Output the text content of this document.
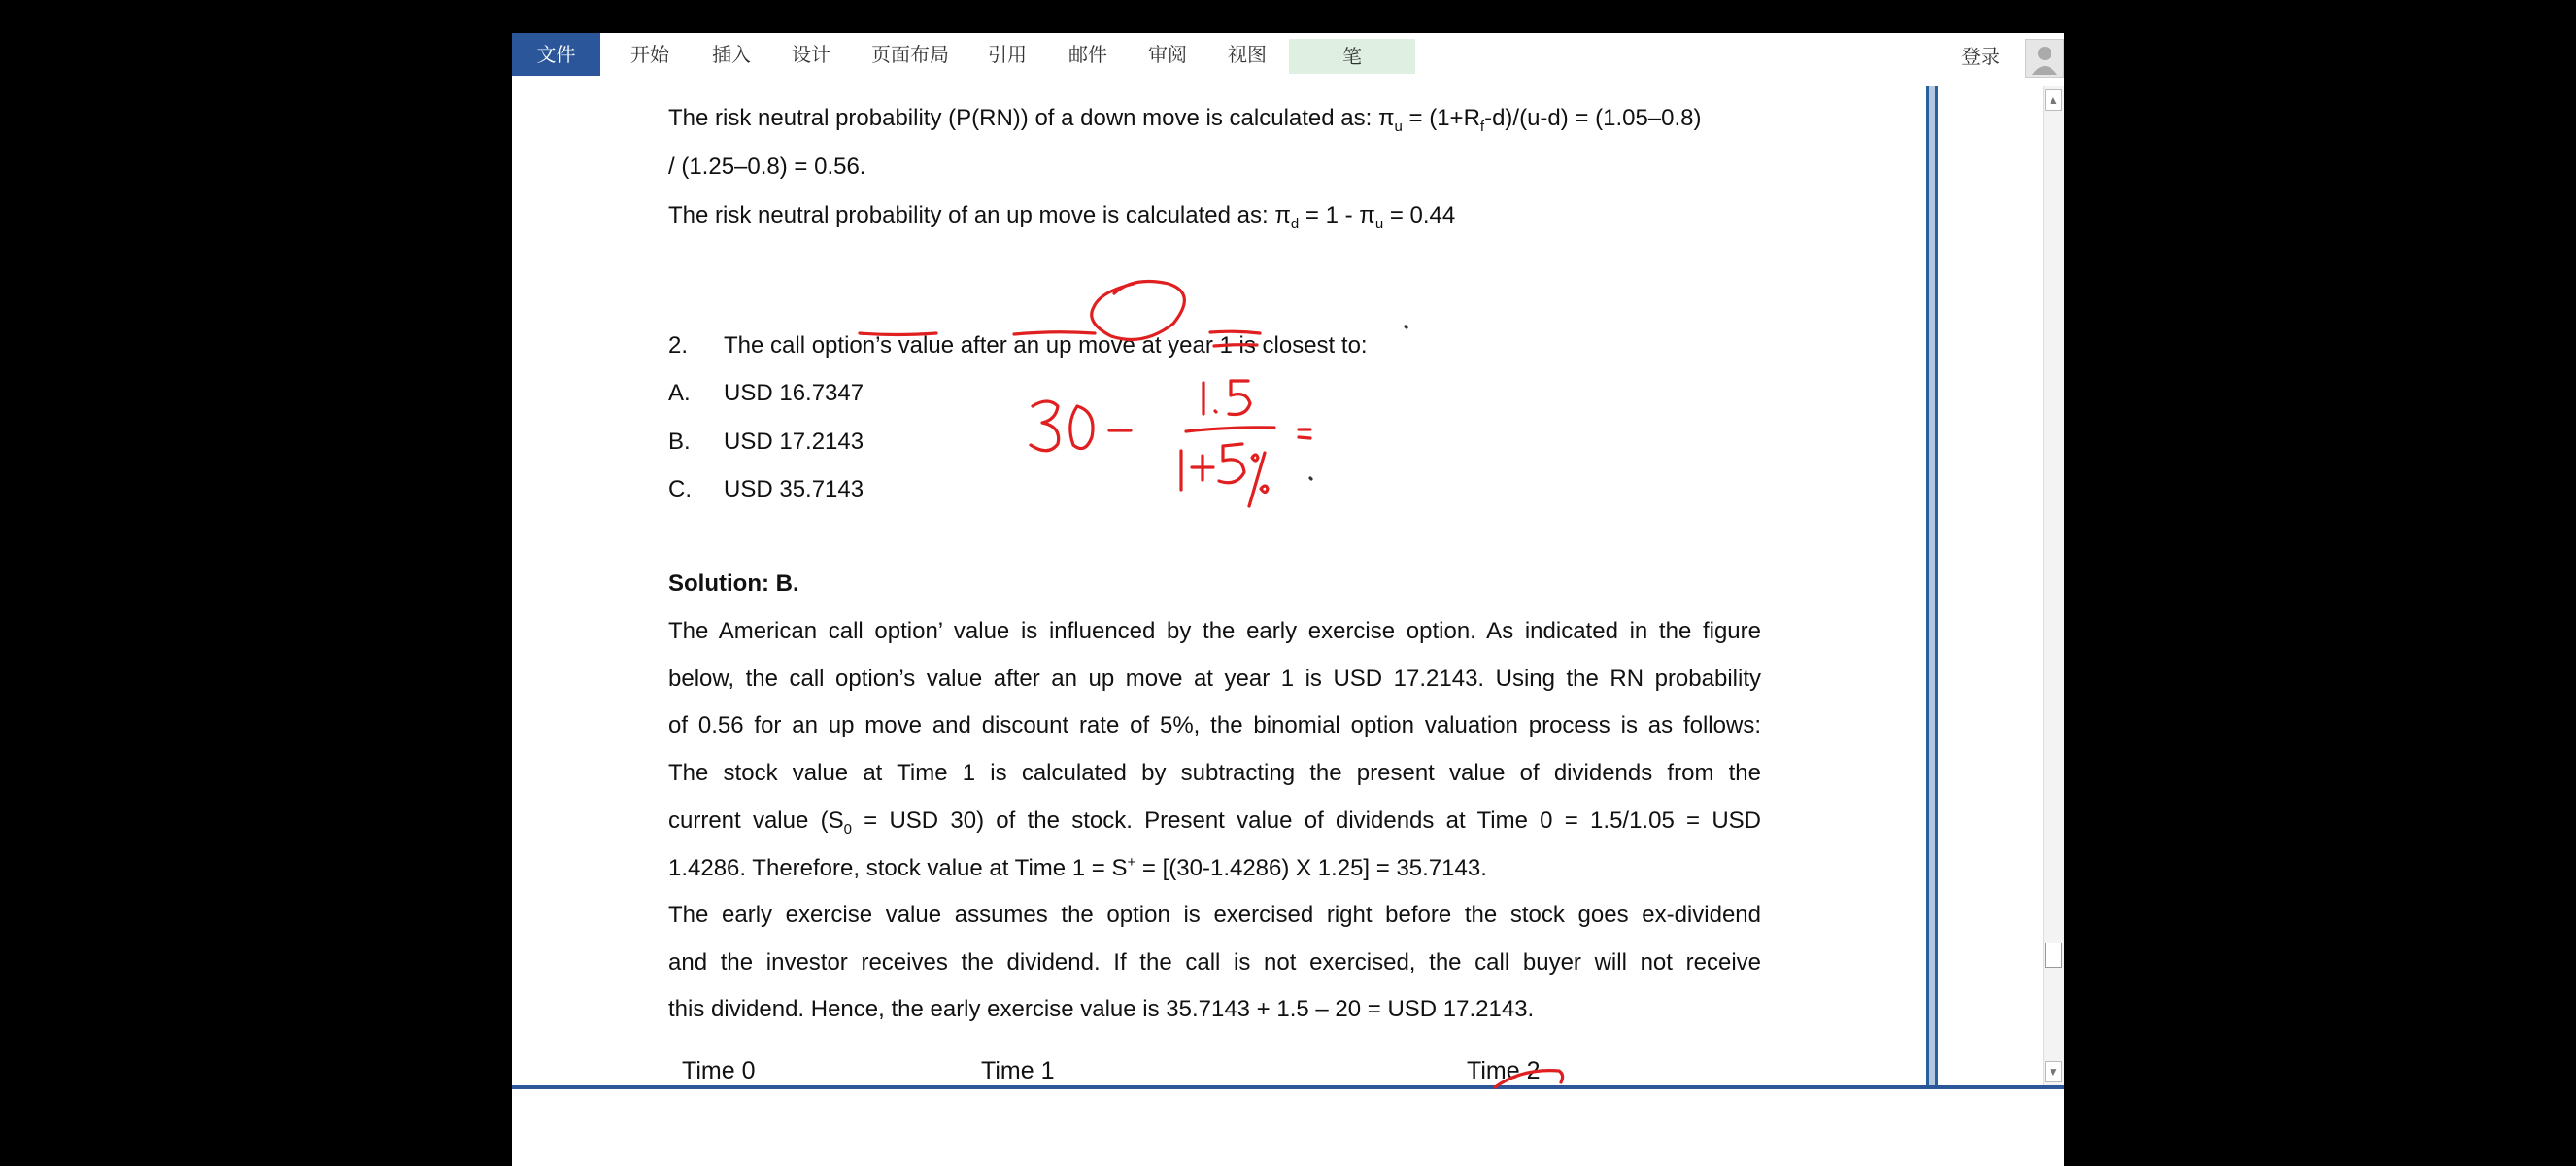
文件	开始	插入	设计	页面布局	引用	邮件	审阅	视图	笔	登录
The risk neutral probability (P(RN)) of a down move is calculated as: $\pi_u = (1+R_f-d)/(u-d) = (1.05-0.8)$
/ (1.25–0.8) = 0.56.
The risk neutral probability of an up move is calculated as: $\pi_d = 1 - \pi_u = 0.44$
2. The call option’s value after an up move at year 1 is closest to:
A. USD 16.7347
B. USD 17.2143
C. USD 35.7143
Solution: B.
The American call option’ value is influenced by the early exercise option. As indicated in the figure
below, the call option’s value after an up move at year 1 is USD 17.2143. Using the RN probability
of 0.56 for an up move and discount rate of 5%, the binomial option valuation process is as follows:
The stock value at Time 1 is calculated by subtracting the present value of dividends from the
current value ($S_0$ = USD 30) of the stock. Present value of dividends at Time 0 = 1.5/1.05 = USD
1.4286. Therefore, stock value at Time 1 = S+ = [(30-1.4286) X 1.25] = 35.7143.
The early exercise value assumes the option is exercised right before the stock goes ex-dividend
and the investor receives the dividend. If the call is not exercised, the call buyer will not receive
this dividend. Hence, the early exercise value is 35.7143 + 1.5 – 20 = USD 17.2143.
Time 0	Time 1	Time 2
▲
▼
